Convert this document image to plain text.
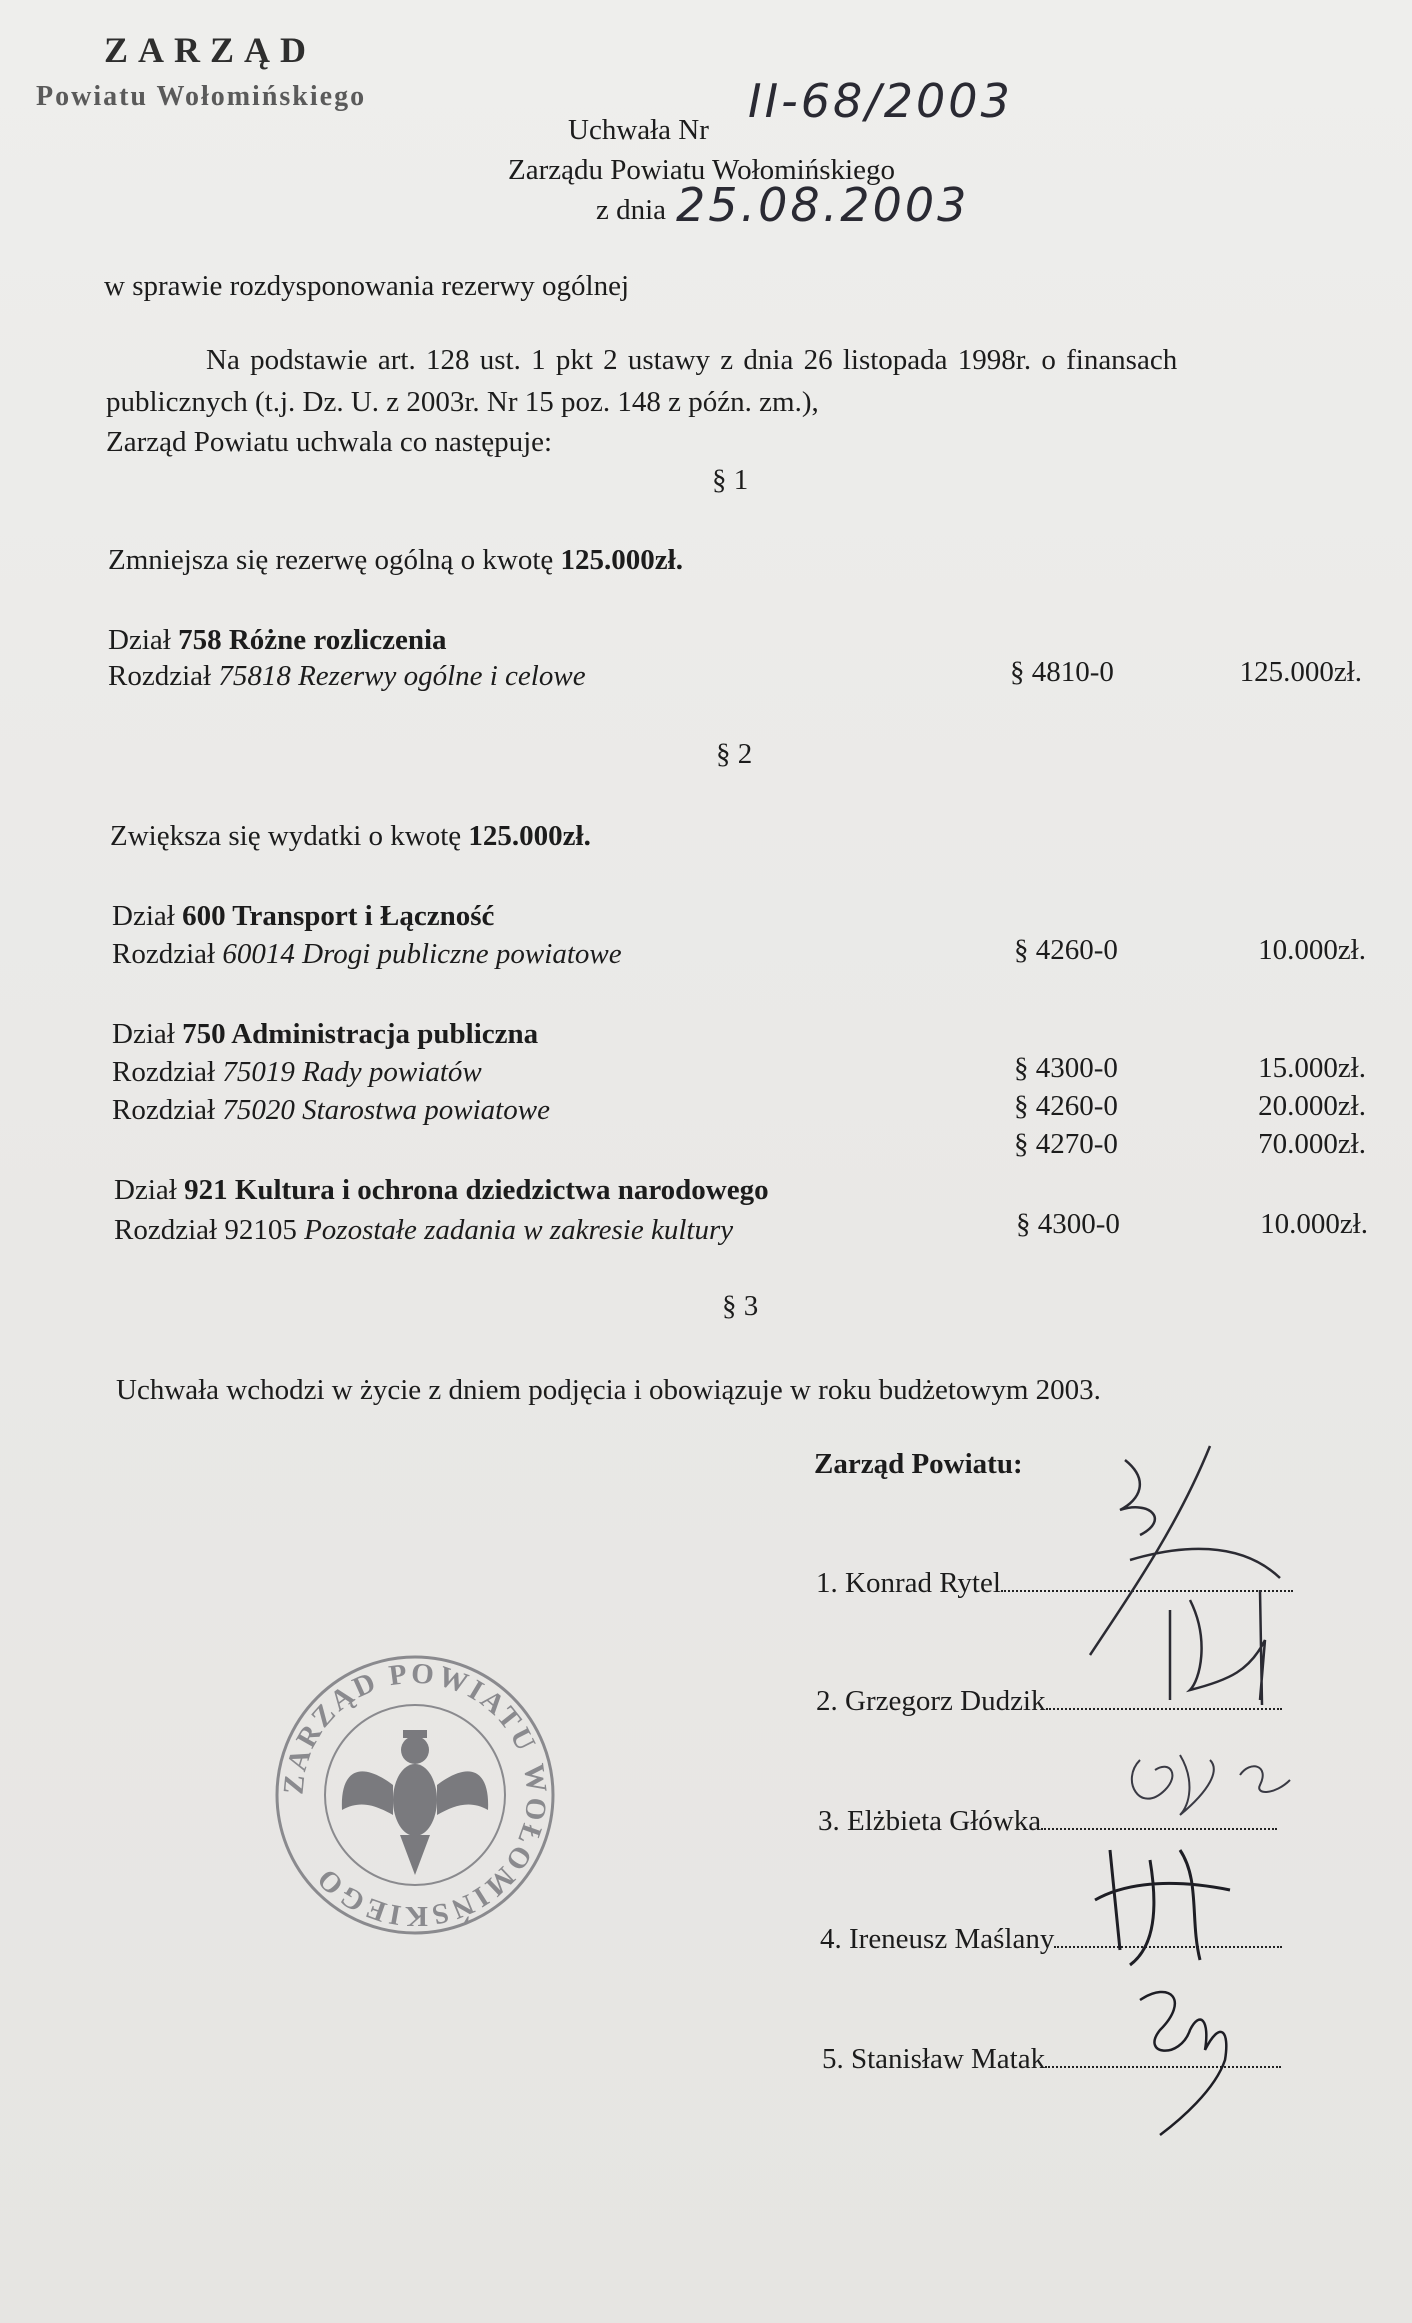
ZARZĄD
Powiatu Wołomińskiego
Uchwała Nr
II-68/2003
Zarządu Powiatu Wołomińskiego
z dnia 25.08.2003
w sprawie rozdysponowania rezerwy ogólnej
Na podstawie art. 128 ust. 1 pkt 2 ustawy z dnia 26 listopada 1998r. o finansach
publicznych (t.j. Dz. U. z 2003r. Nr 15 poz. 148 z późn. zm.),
Zarząd Powiatu uchwala co następuje:
§ 1
Zmniejsza się rezerwę ogólną o kwotę 125.000zł.
Dział 758 Różne rozliczenia
Rozdział 75818 Rezerwy ogólne i celowe	§ 4810-0	125.000zł.
§ 2
Zwiększa się wydatki o kwotę 125.000zł.
Dział 600 Transport i Łączność
Rozdział 60014 Drogi publiczne powiatowe	§ 4260-0	10.000zł.
Dział 750 Administracja publiczna
Rozdział 75019 Rady powiatów	§ 4300-0	15.000zł.
Rozdział 75020 Starostwa powiatowe	§ 4260-0	20.000zł.
§ 4270-0	70.000zł.
Dział 921 Kultura i ochrona dziedzictwa narodowego
Rozdział 92105 Pozostałe zadania w zakresie kultury	§ 4300-0	10.000zł.
§ 3
Uchwała wchodzi w życie z dniem podjęcia i obowiązuje w roku budżetowym 2003.
Zarząd Powiatu:
1. Konrad Rytel
2. Grzegorz Dudzik
3. Elżbieta Główka
4. Ireneusz Maślany
5. Stanisław Matak
ZARZĄD POWIATU WOŁOMIŃSKIEGO
